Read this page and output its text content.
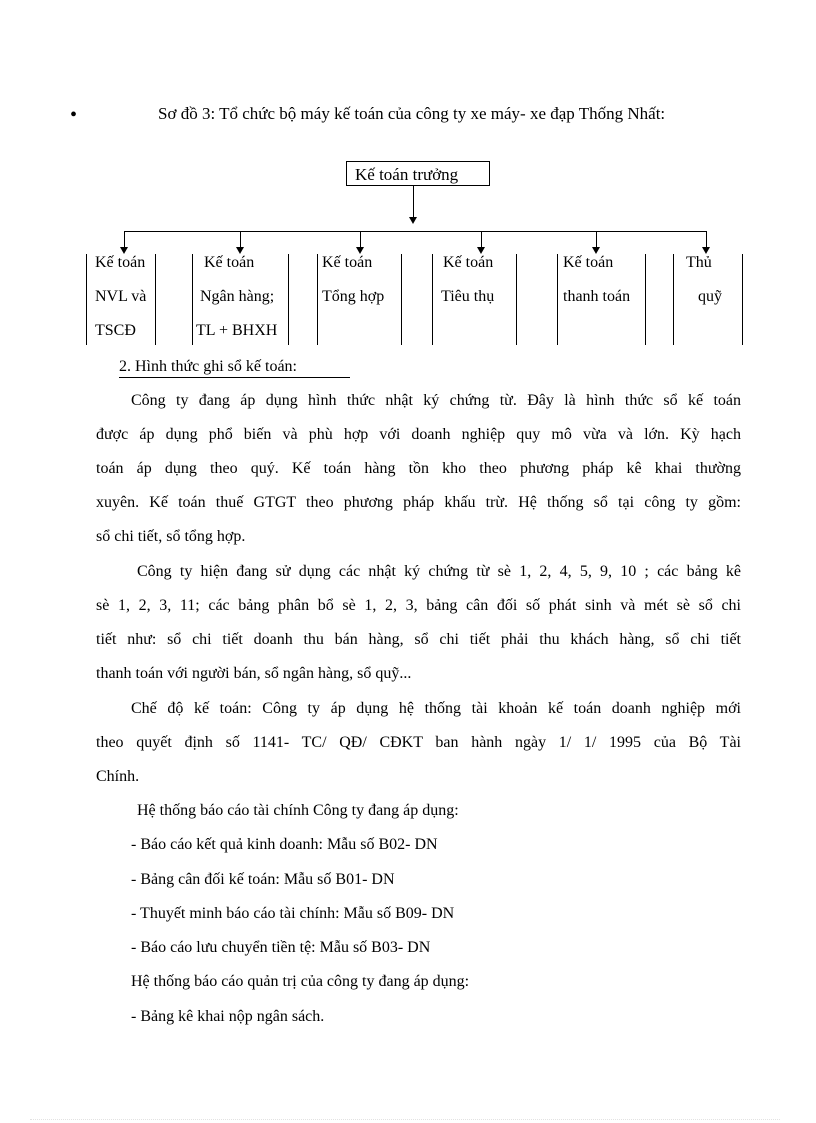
•	Sơ đồ 3: Tổ chức bộ máy kế toán của công ty xe máy- xe đạp Thống Nhất:
Kế toán trưởng
Kế toán
NVL và
TSCĐ
Kế toán
Ngân hàng;
TL + BHXH
Kế toán
Tổng hợp
Kế toán
Tiêu thụ
Kế toán
thanh toán
Thủ
quỹ
2. Hình thức ghi sổ kế toán:
Công ty đang áp dụng hình thức nhật ký chứng từ. Đây là hình thức sổ kế toán
được áp dụng phổ biến và phù hợp với doanh nghiệp quy mô vừa và lớn. Kỳ hạch
toán áp dụng theo quý. Kế toán hàng tồn kho theo phương pháp kê khai thường
xuyên. Kế toán thuế GTGT theo phương pháp khấu trừ. Hệ thống sổ tại công ty gồm:
sổ chi tiết, sổ tổng hợp.
Công ty hiện đang sử dụng các nhật ký chứng từ sè 1, 2, 4, 5, 9, 10 ; các bảng kê
sè 1, 2, 3, 11; các bảng phân bổ sè 1, 2, 3, bảng cân đối số phát sinh và mét sè sổ chi
tiết như: sổ chi tiết doanh thu bán hàng, sổ chi tiết phải thu khách hàng, sổ chi tiết
thanh toán với người bán, sổ ngân hàng, sổ quỹ...
Chế độ kế toán: Công ty áp dụng hệ thống tài khoản kế toán doanh nghiệp mới
theo quyết định số 1141- TC/ QĐ/ CĐKT ban hành ngày 1/ 1/ 1995 của Bộ Tài
Chính.
Hệ thống báo cáo tài chính Công ty đang áp dụng:
- Báo cáo kết quả kinh doanh: Mẫu số B02- DN
- Bảng cân đối kế toán: Mẫu số B01- DN
- Thuyết minh báo cáo tài chính: Mẫu số B09- DN
- Báo cáo lưu chuyển tiền tệ: Mẫu số B03- DN
Hệ thống báo cáo quản trị của công ty đang áp dụng:
- Bảng kê khai nộp ngân sách.
